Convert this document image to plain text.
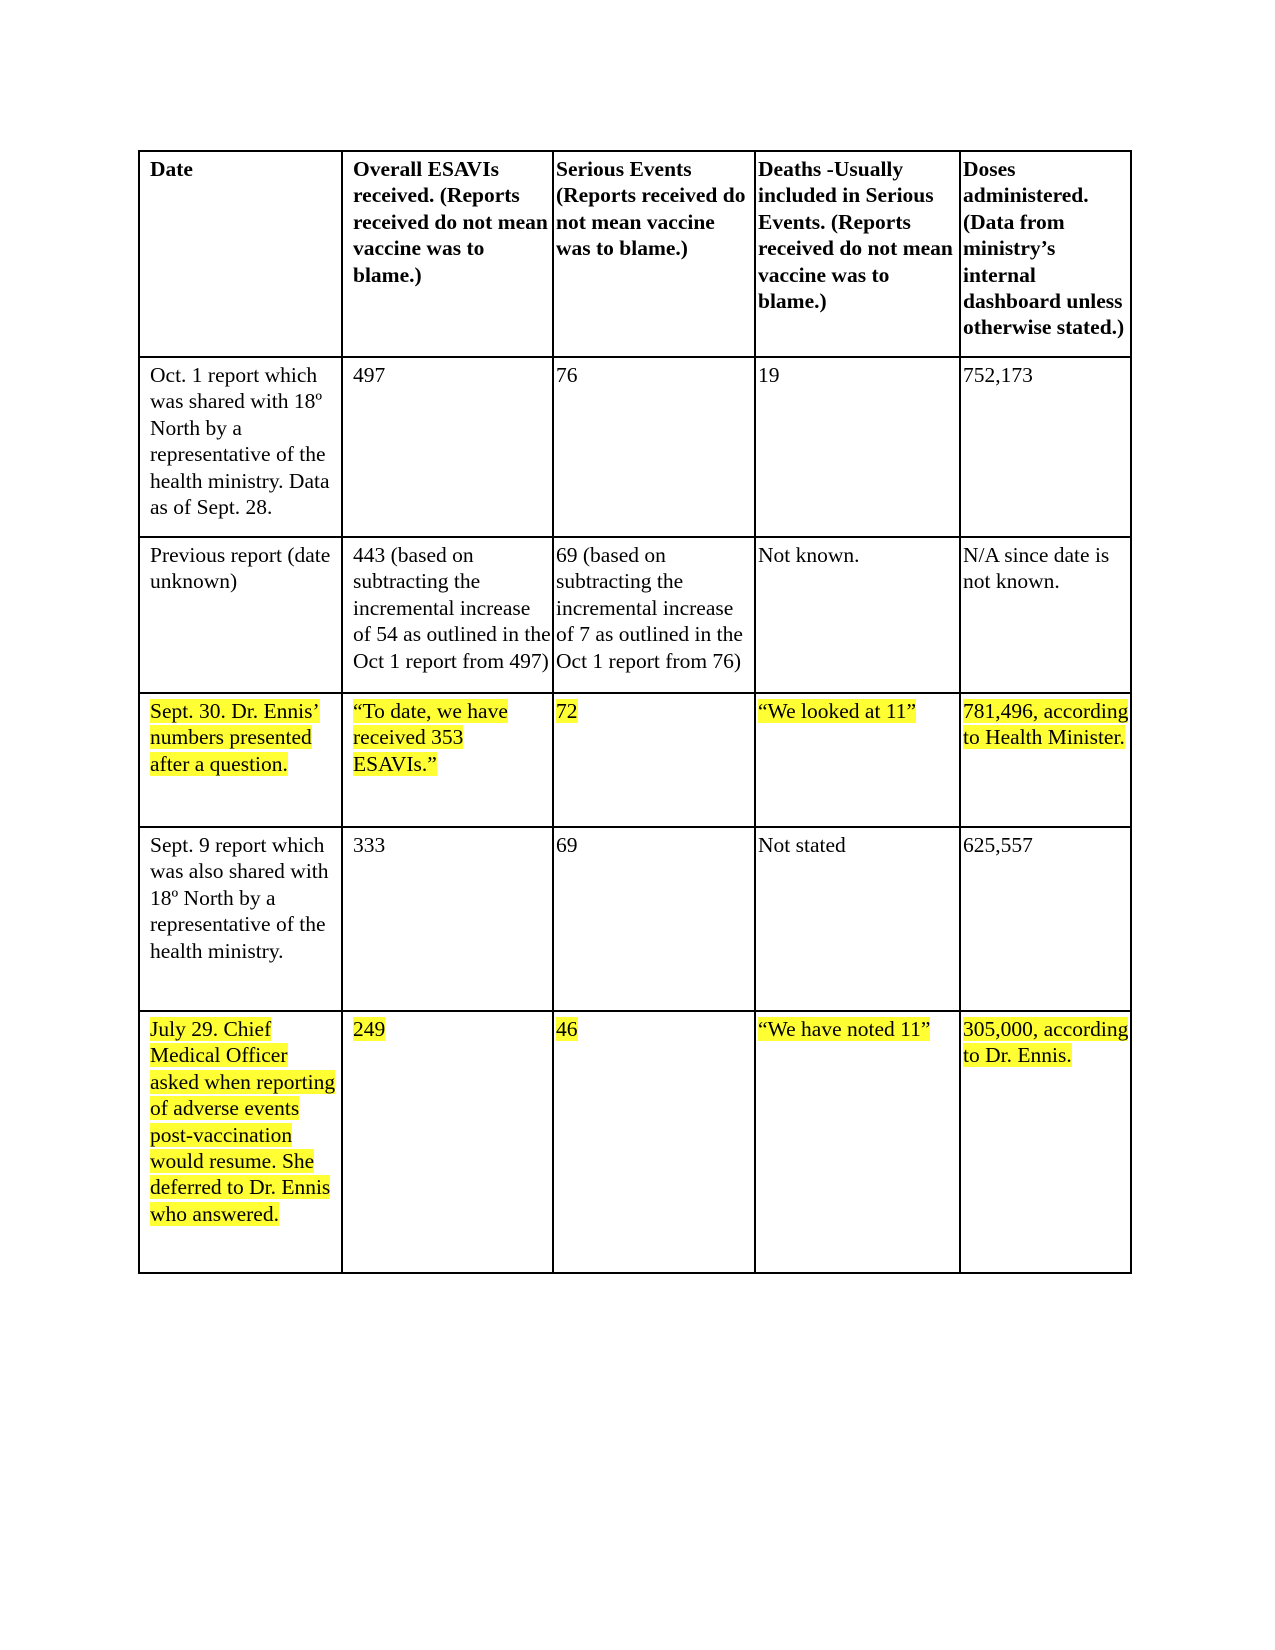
Date	Overall ESAVIs received. (Reports received do not mean vaccine was to blame.)	Serious Events (Reports received do not mean vaccine was to blame.)	Deaths -Usually included in Serious Events. (Reports received do not mean vaccine was to blame.)	Doses administered. (Data from ministry’s internal dashboard unless otherwise stated.)
Oct. 1 report which was shared with 18º North by a representative of the health ministry. Data as of Sept. 28.	497	76	19	752,173
Previous report (date unknown)	443 (based on subtracting the incremental increase of 54 as outlined in the Oct 1 report from 497)	69 (based on subtracting the incremental increase of 7 as outlined in the Oct 1 report from 76)	Not known.	N/A since date is not known.
Sept. 30. Dr. Ennis’ numbers presented after a question.	“To date, we have received 353 ESAVIs.”	72	“We looked at 11”	781,496, according to Health Minister.
Sept. 9 report which was also shared with 18º North by a representative of the health ministry.	333	69	Not stated	625,557
July 29. Chief Medical Officer asked when reporting of adverse events post-vaccination would resume. She deferred to Dr. Ennis who answered.	249	46	“We have noted 11”	305,000, according to Dr. Ennis.
